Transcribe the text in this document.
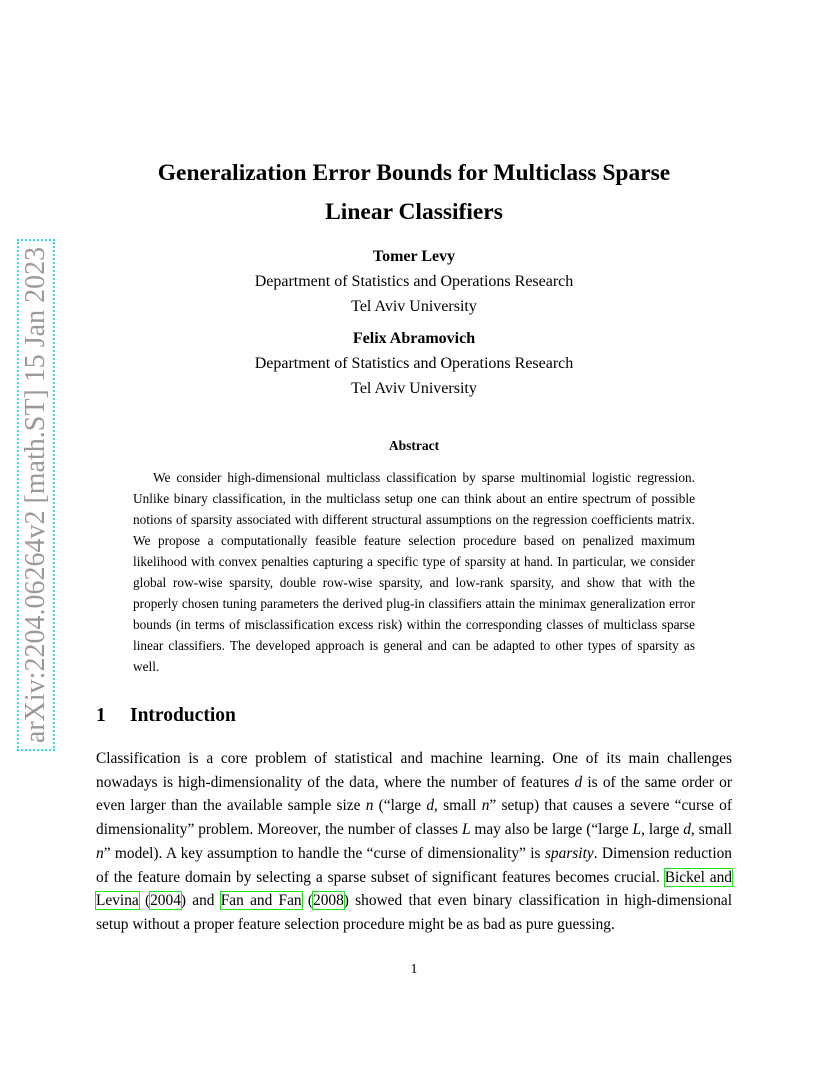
arXiv:2204.06264v2 [math.ST] 15 Jan 2023
Generalization Error Bounds for Multiclass Sparse
Linear Classifiers
Tomer Levy
Department of Statistics and Operations Research
Tel Aviv University
Felix Abramovich
Department of Statistics and Operations Research
Tel Aviv University
Abstract

We consider high-dimensional multiclass classification by sparse multinomial logistic regression. Unlike binary classification, in the multiclass setup one can think about an entire spectrum of possible notions of sparsity associated with different structural assumptions on the regression coefficients matrix. We propose a computationally feasible feature selection procedure based on penalized maximum likelihood with convex penalties capturing a specific type of sparsity at hand. In particular, we consider global row-wise sparsity, double row-wise sparsity, and low-rank sparsity, and show that with the properly chosen tuning parameters the derived plug-in classifiers attain the minimax generalization error bounds (in terms of misclassification excess risk) within the corresponding classes of multiclass sparse linear classifiers. The developed approach is general and can be adapted to other types of sparsity as well.

1 Introduction

Classification is a core problem of statistical and machine learning. One of its main challenges nowadays is high-dimensionality of the data, where the number of features d is of the same order or even larger than the available sample size n (“large d, small n” setup) that causes a severe “curse of dimensionality” problem. Moreover, the number of classes L may also be large (“large L, large d, small n” model). A key assumption to handle the “curse of dimensionality” is sparsity. Dimension reduction of the feature domain by selecting a sparse subset of significant features becomes crucial. Bickel and Levina (2004) and Fan and Fan (2008) showed that even binary classification in high-dimensional setup without a proper feature selection procedure might be as bad as pure guessing.

1
